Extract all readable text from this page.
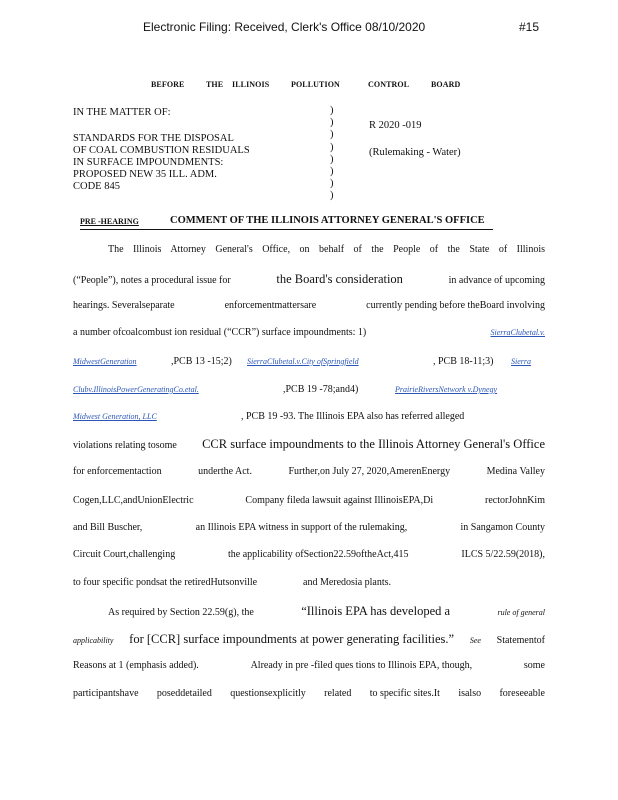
Electronic Filing: Received, Clerk's Office 08/10/2020	#15
BEFORE	THE ILLINOIS	POLLUTION	CONTROL	BOARD
IN THE MATTER OF:
STANDARDS FOR THE DISPOSAL
OF COAL COMBUSTION RESIDUALS
IN SURFACE IMPOUNDMENTS:
PROPOSED NEW 35 ILL. ADM.
CODE 845
)
)
)
)
)
)
)
)
R 2020 -019
(Rulemaking - Water)
PRE -HEARING	COMMENT OF THE ILLINOIS ATTORNEY GENERAL'S OFFICE
The Illinois Attorney General's Office, on behalf of the People of the State of Illinois
(“People”), notes a procedural issue for	the Board's consideration	in advance of upcoming
hearings. Severalseparate	enforcementmattersare	currently pending before theBoard involving
a number ofcoalcombust ion residual (“CCR”) surface impoundments: 1)	SierraClubetal.v.
MidwestGeneration	,PCB 13 -15;2) SierraClubetal.v.City ofSpringfield	, PCB 18-11;3) Sierra
Clubv.IllinoisPowerGeneratingCo.etal.	,PCB 19 -78;and4)	PrairieRiversNetwork v.Dynegy
Midwest Generation, LLC	, PCB 19 -93. The Illinois EPA also has referred alleged
violations relating tosome CCR surface impoundments to the Illinois Attorney General's Office
for enforcementaction	underthe Act.	Further,on July 27, 2020,AmerenEnergy	Medina Valley
Cogen,LLC,andUnionElectric	Company fileda lawsuit against IllinoisEPA,Di	rectorJohnKim
and Bill Buscher,	an Illinois EPA witness in support of the rulemaking,	in Sangamon County
Circuit Court,challenging	the applicability ofSection22.59oftheAct,415	ILCS 5/22.59(2018),
to four specific pondsat the retiredHutsonville	and Meredosia plants.
As required by Section 22.59(g), the	“Illinois EPA has developed a	rule of general
applicability for [CCR] surface impoundments at power generating facilities.” See Statementof
Reasons at 1 (emphasis added).	Already in pre -filed ques tions to Illinois EPA, though,	some
participantshave poseddetailed questionsexplicitly related to specific sites.It isalso foreseeable
